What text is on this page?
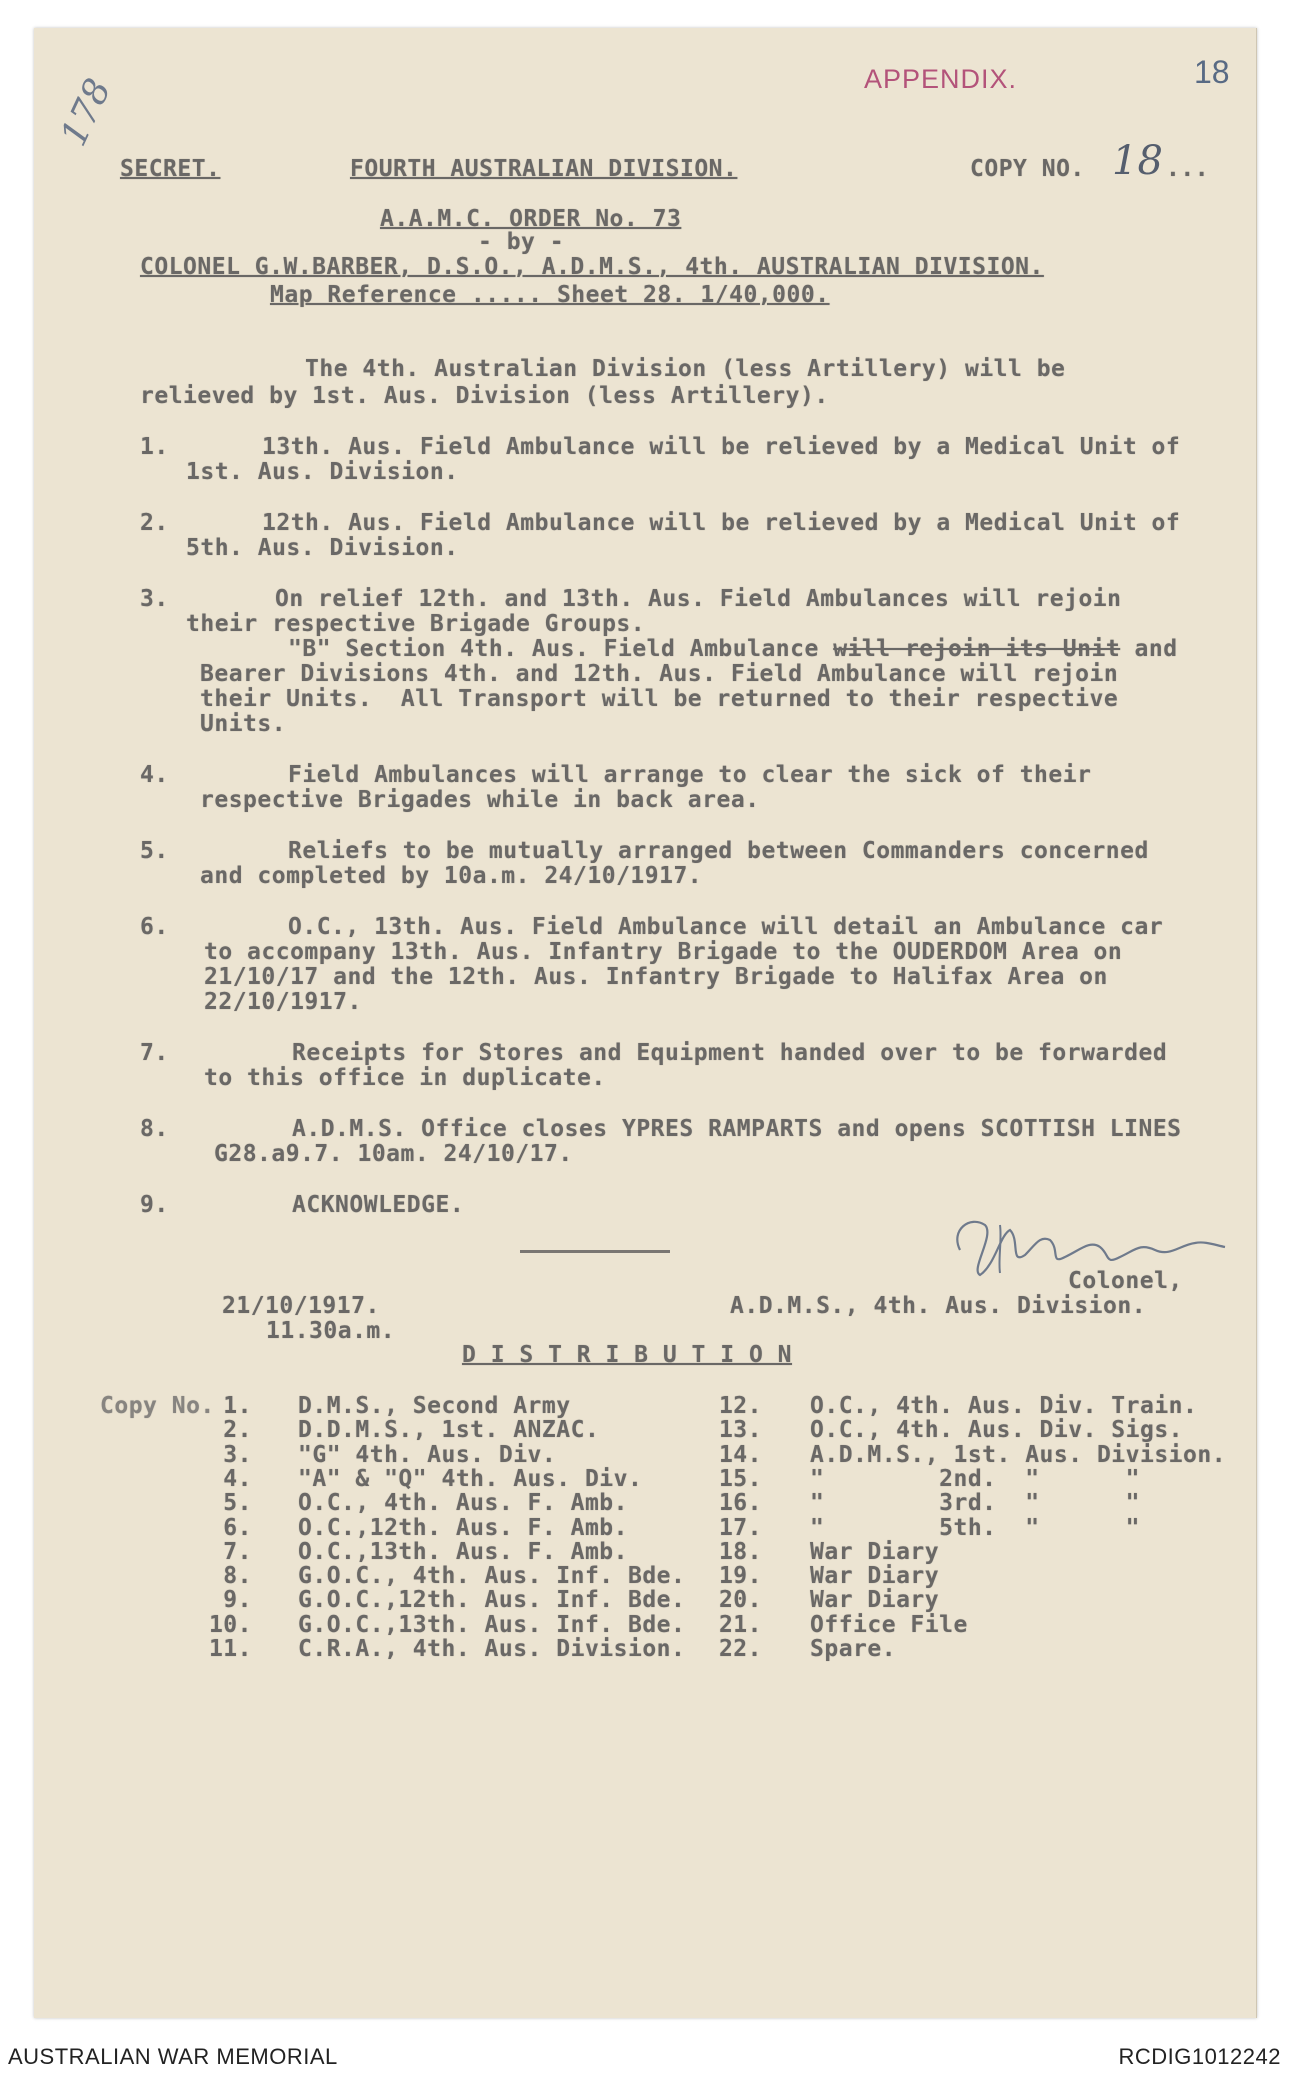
APPENDIX.	18
178
SECRET.	FOURTH AUSTRALIAN DIVISION.	COPY NO. 18 ...
A.A.M.C. ORDER No. 73
- by -
COLONEL G.W.BARBER, D.S.O., A.D.M.S., 4th. AUSTRALIAN DIVISION.
Map Reference ..... Sheet 28. 1/40,000.
The 4th. Australian Division (less Artillery) will be
relieved by 1st. Aus. Division (less Artillery).
1.	13th. Aus. Field Ambulance will be relieved by a Medical Unit of
1st. Aus. Division.
2.	12th. Aus. Field Ambulance will be relieved by a Medical Unit of
5th. Aus. Division.
3.	On relief 12th. and 13th. Aus. Field Ambulances will rejoin
their respective Brigade Groups.
"B" Section 4th. Aus. Field Ambulance will rejoin its Unit and
Bearer Divisions 4th. and 12th. Aus. Field Ambulance will rejoin
their Units.  All Transport will be returned to their respective
Units.
4.	Field Ambulances will arrange to clear the sick of their
respective Brigades while in back area.
5.	Reliefs to be mutually arranged between Commanders concerned
and completed by 10a.m. 24/10/1917.
6.	O.C., 13th. Aus. Field Ambulance will detail an Ambulance car
to accompany 13th. Aus. Infantry Brigade to the OUDERDOM Area on
21/10/17 and the 12th. Aus. Infantry Brigade to Halifax Area on
22/10/1917.
7.	Receipts for Stores and Equipment handed over to be forwarded
to this office in duplicate.
8.	A.D.M.S. Office closes YPRES RAMPARTS and opens SCOTTISH LINES
G28.a9.7. 10am. 24/10/17.
9.	ACKNOWLEDGE.
Colonel,
21/10/1917.	A.D.M.S., 4th. Aus. Division.
11.30a.m.
D I S T R I B U T I O N
Copy No. 1. D.M.S., Second Army
2. D.D.M.S., 1st. ANZAC.
3. "G" 4th. Aus. Div.
4. "A" & "Q" 4th. Aus. Div.
5. O.C., 4th. Aus. F. Amb.
6. O.C.,12th. Aus. F. Amb.
7. O.C.,13th. Aus. F. Amb.
8. G.O.C., 4th. Aus. Inf. Bde.
9. G.O.C.,12th. Aus. Inf. Bde.
10. G.O.C.,13th. Aus. Inf. Bde.
11. C.R.A., 4th. Aus. Division.
12. O.C., 4th. Aus. Div. Train.
13. O.C., 4th. Aus. Div. Sigs.
14. A.D.M.S., 1st. Aus. Division.
15. "        2nd.  "      "
16. "        3rd.  "      "
17. "        5th.  "      "
18. War Diary
19. War Diary
20. War Diary
21. Office File
22. Spare.
AUSTRALIAN WAR MEMORIAL	RCDIG1012242
